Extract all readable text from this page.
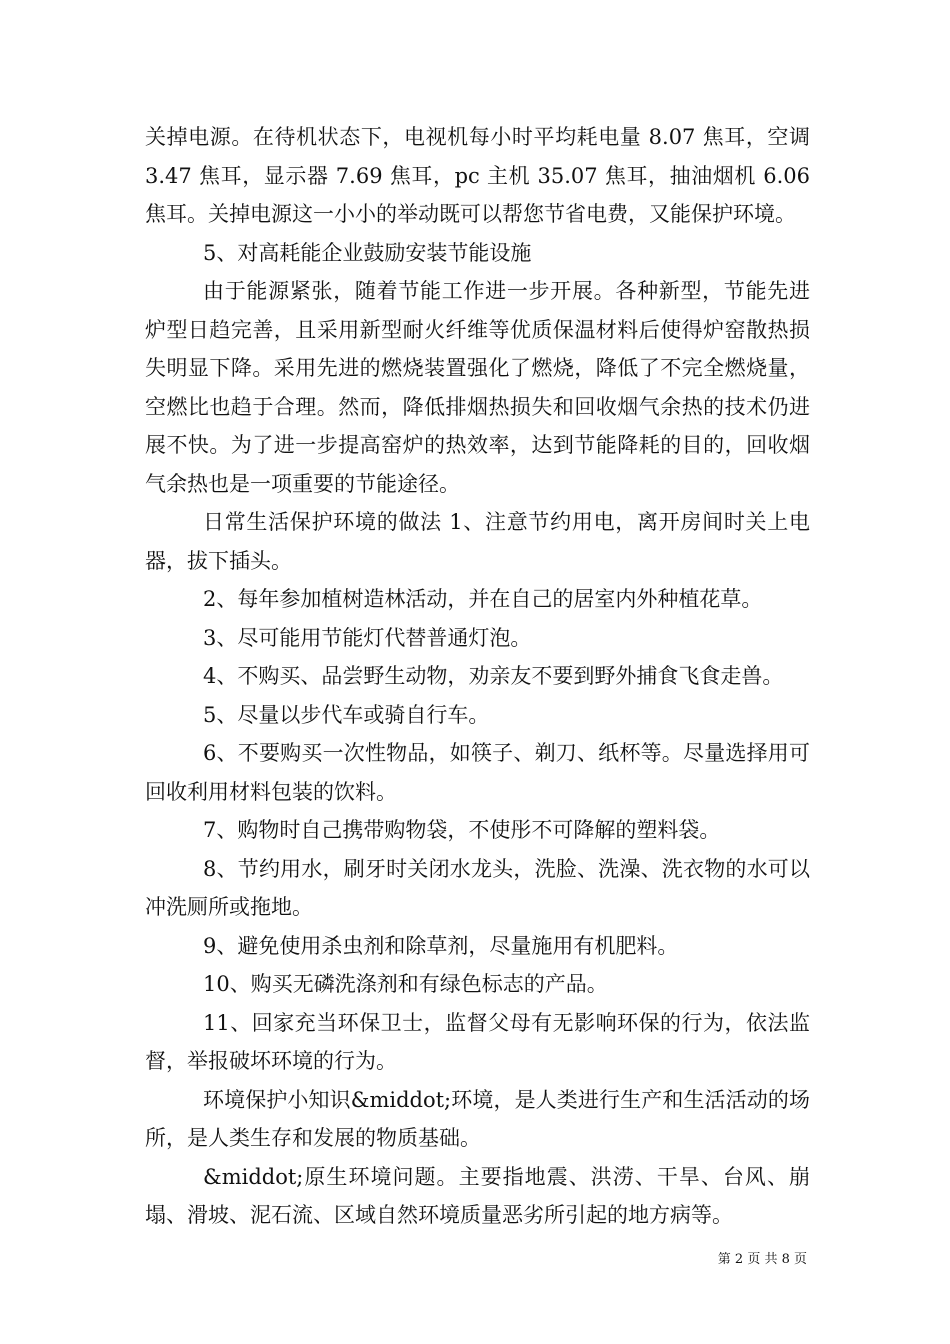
关掉电源。在待机状态下，电视机每小时平均耗电量 8.07 焦耳，空调 3.47 焦耳，显示器 7.69 焦耳，pc 主机 35.07 焦耳，抽油烟机 6.06 焦耳。关掉电源这一小小的举动既可以帮您节省电费，又能保护环境。

5、对高耗能企业鼓励安装节能设施

由于能源紧张，随着节能工作进一步开展。各种新型，节能先进炉型日趋完善，且采用新型耐火纤维等优质保温材料后使得炉窑散热损失明显下降。采用先进的燃烧装置强化了燃烧，降低了不完全燃烧量，空燃比也趋于合理。然而，降低排烟热损失和回收烟气余热的技术仍进展不快。为了进一步提高窑炉的热效率，达到节能降耗的目的，回收烟气余热也是一项重要的节能途径。

日常生活保护环境的做法 1、注意节约用电，离开房间时关上电器，拔下插头。

2、每年参加植树造林活动，并在自己的居室内外种植花草。

3、尽可能用节能灯代替普通灯泡。

4、不购买、品尝野生动物，劝亲友不要到野外捕食飞食走兽。

5、尽量以步代车或骑自行车。

6、不要购买一次性物品，如筷子、剃刀、纸杯等。尽量选择用可回收利用材料包装的饮料。

7、购物时自己携带购物袋，不使彤不可降解的塑料袋。

8、节约用水，刷牙时关闭水龙头，洗脸、洗澡、洗衣物的水可以冲洗厕所或拖地。

9、避免使用杀虫剂和除草剂，尽量施用有机肥料。

10、购买无磷洗涤剂和有绿色标志的产品。

11、回家充当环保卫士，监督父母有无影响环保的行为，依法监督，举报破坏环境的行为。

环境保护小知识&middot;环境，是人类进行生产和生活活动的场所，是人类生存和发展的物质基础。

&middot;原生环境问题。主要指地震、洪涝、干旱、台风、崩塌、滑坡、泥石流、区域自然环境质量恶劣所引起的地方病等。

第 2 页 共 8 页
